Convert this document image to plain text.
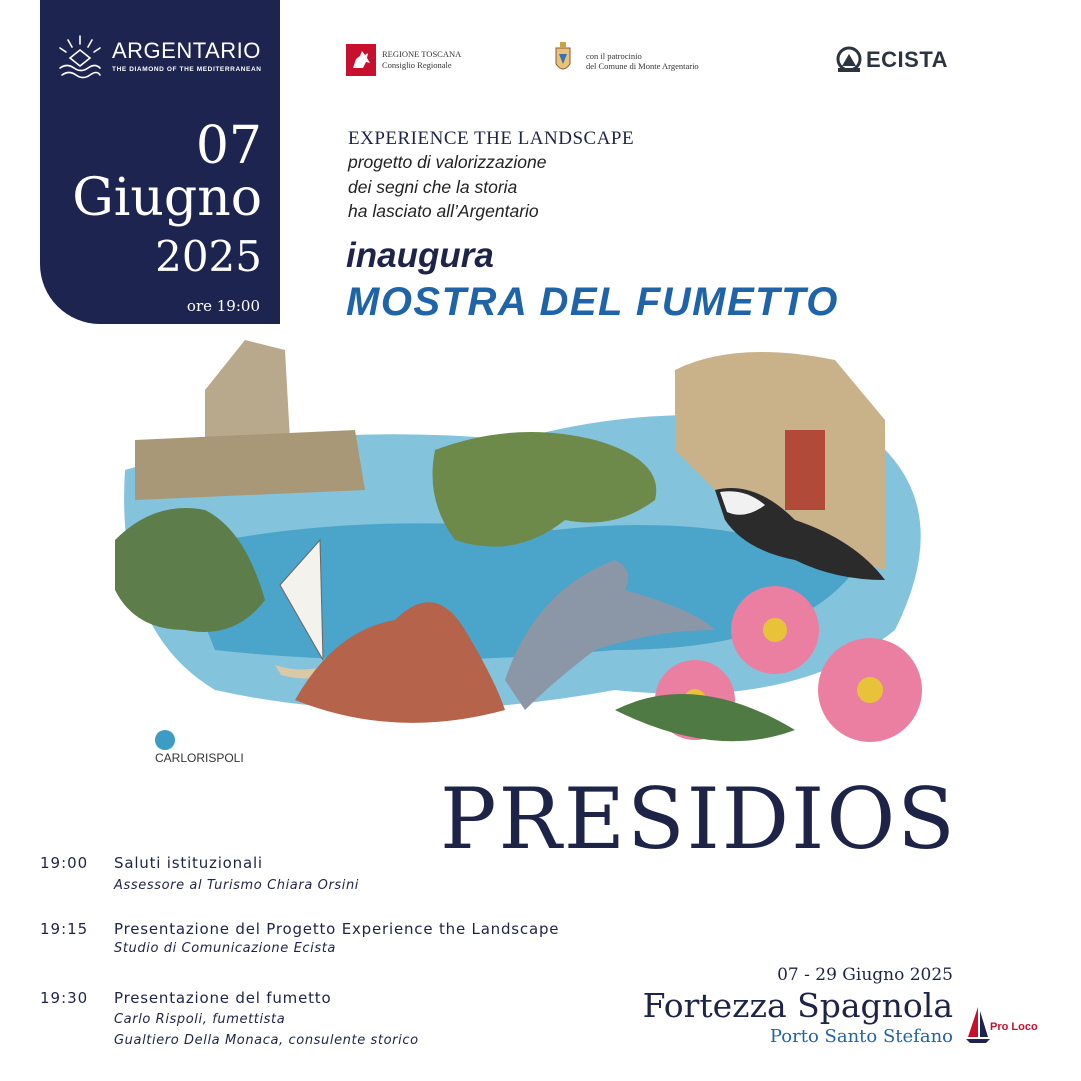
ARGENTARIO
THE DIAMOND OF THE MEDITERRANEAN
07
Giugno
2025
ore 19:00
REGIONE TOSCANA
Consiglio Regionale
con il patrocinio
del Comune di Monte Argentario	ECISTA
EXPERIENCE THE LANDSCAPE
progetto di valorizzazione
dei segni che la storia
ha lasciato all’Argentario
inaugura
MOSTRA DEL FUMETTO
CARLORISPOLI
PRESIDIOS
19:00 Saluti istituzionali
Assessore al Turismo Chiara Orsini
19:15 Presentazione del Progetto Experience the Landscape
Studio di Comunicazione Ecista
19:30 Presentazione del fumetto
Carlo Rispoli, fumettista
Gualtiero Della Monaca, consulente storico
07 - 29 Giugno 2025
Fortezza Spagnola
Porto Santo Stefano	Pro Loco
